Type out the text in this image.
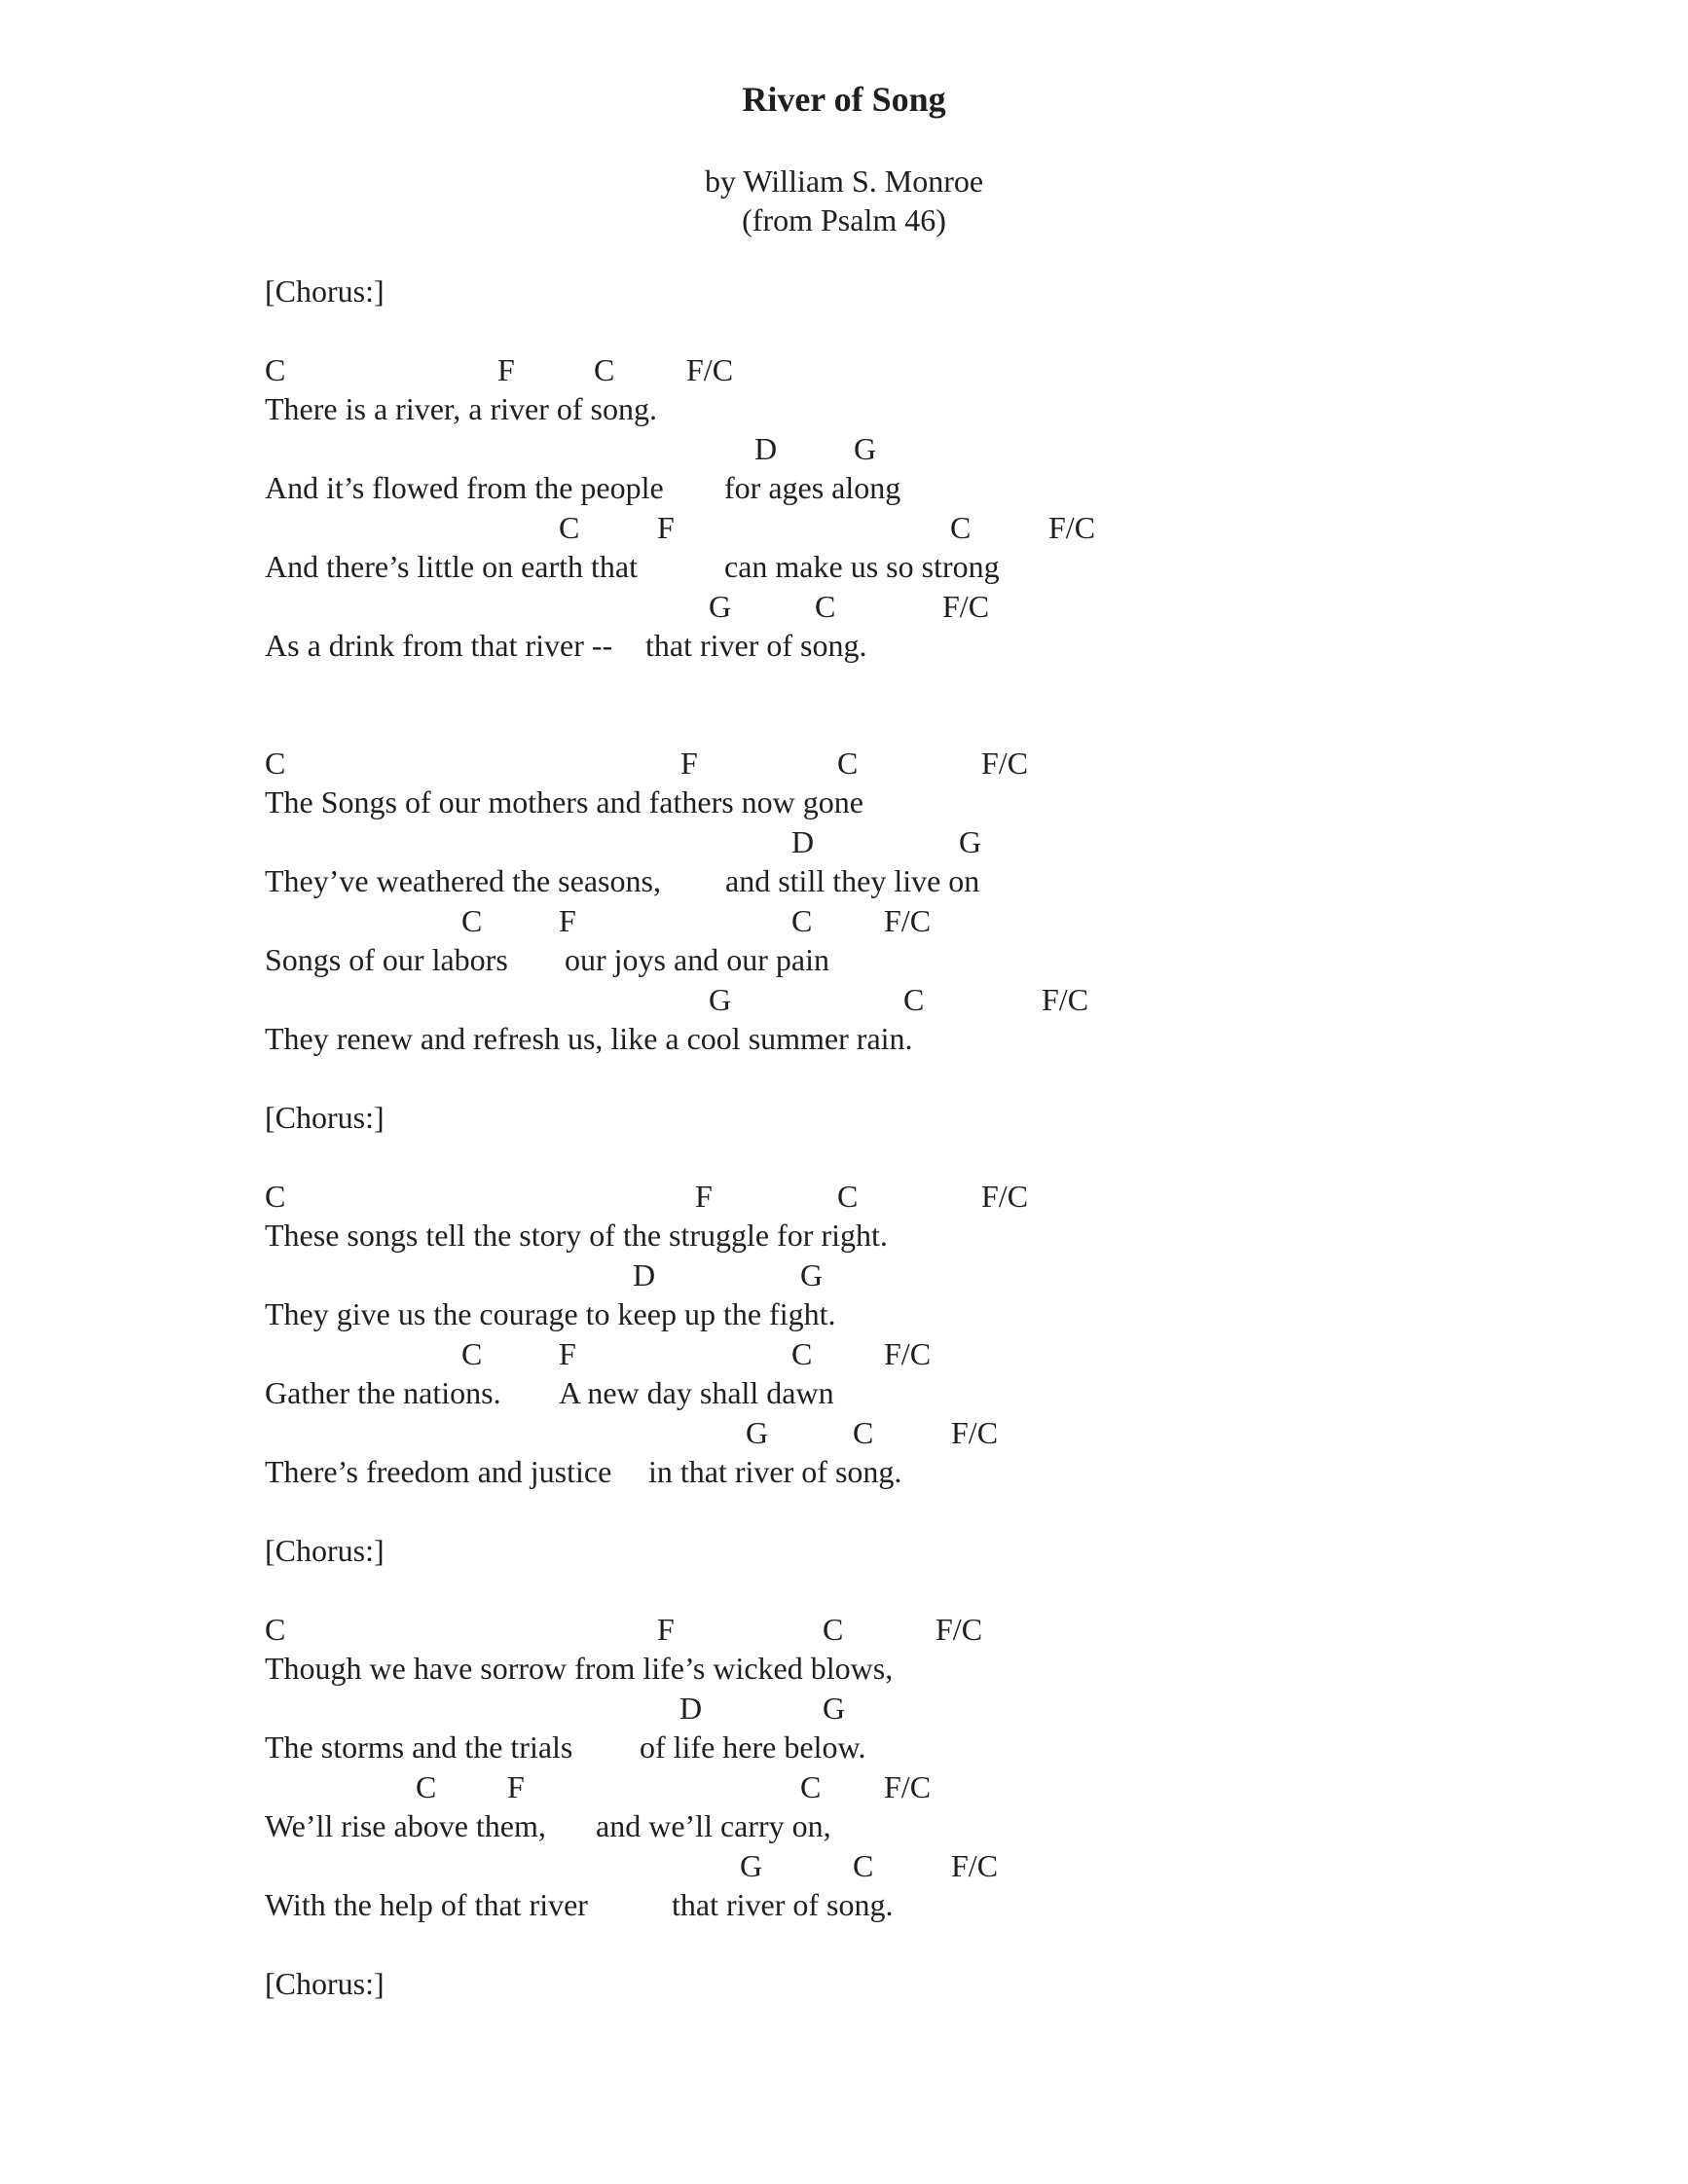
River of Song
by William S. Monroe
(from Psalm 46)
[Chorus:]
C	F	C F/C
There is a river, a river of song.
D G
And it’s flowed from the people for ages along
C F	C F/C
And there’s little on earth that	can make us so strong
G	C	F/C
As a drink from that river -- that river of song.
C	F	C	F/C
The Songs of our mothers and fathers now gone
D	G
They’ve weathered the seasons, and still they live on
C F	C F/C
Songs of our labors our joys and our pain
G	C	F/C
They renew and refresh us, like a cool summer rain.
[Chorus:]
C	F	C	F/C
These songs tell the story of the struggle for right.
D	G
They give us the courage to keep up the fight.
C F	C F/C
Gather the nations. A new day shall dawn
G	C F/C
There’s freedom and justice in that river of song.
[Chorus:]
C	F	C	F/C
Though we have sorrow from life’s wicked blows,
D	G
The storms and the trials of life here below.
C F	C F/C
We’ll rise above them, and we’ll carry on,
G	C F/C
With the help of that river	that river of song.
[Chorus:]
